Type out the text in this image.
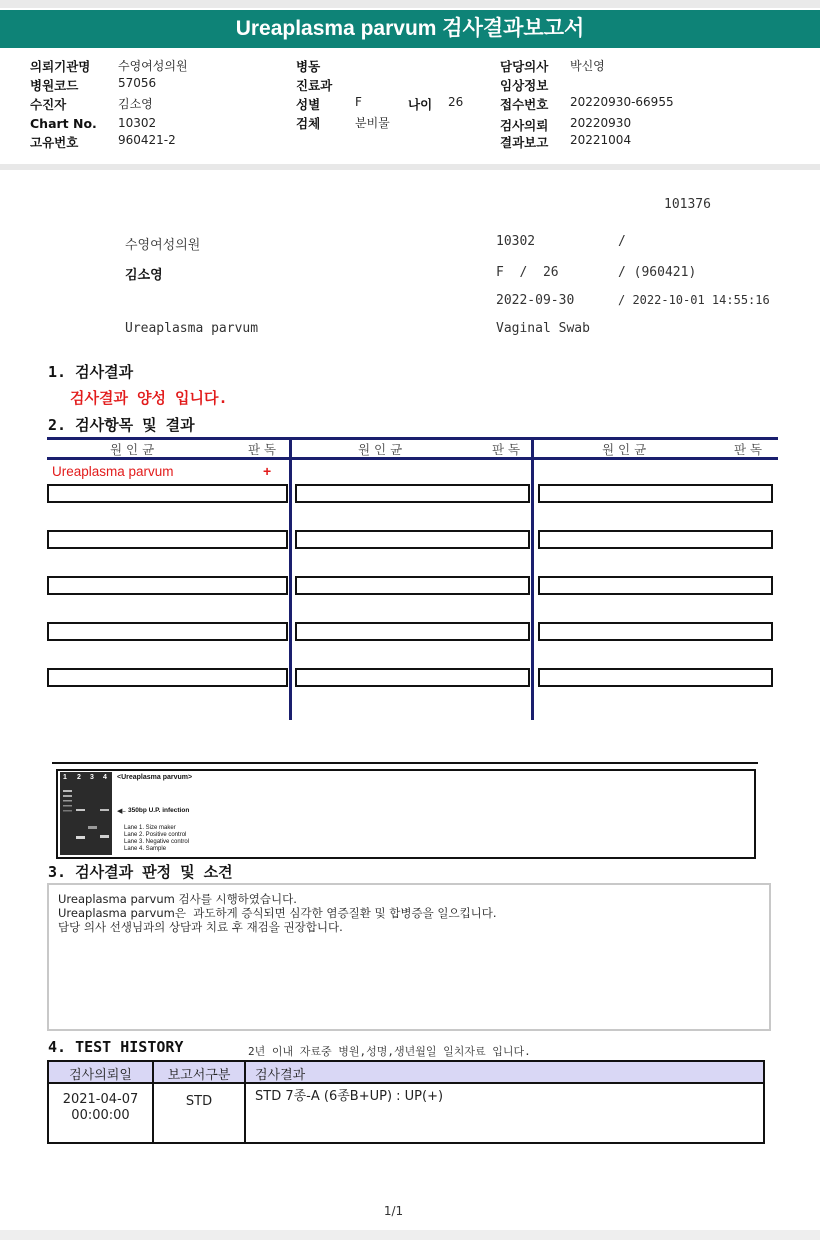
Ureaplasma parvum 검사결과보고서
의뢰기관명 수영여성의원
병원코드	57056
수진자	김소영
Chart No. 10302
고유번호	960421-2
병동
진료과
성별	F	나이 26
검체	분비물
담당의사 박신영
임상정보
접수번호 20220930-66955
검사의뢰 20220930
결과보고 20221004
101376
수영여성의원	10302	/
김소영	F  /  26	/ (960421)
2022-09-30	/ 2022-10-01 14:55:16
Ureaplasma parvum	Vaginal Swab
1. 검사결과
검사결과 양성 입니다.
2. 검사항목 및 결과
원 인 균	판 독	원 인 균	판 독	원 인 균	판 독
Ureaplasma parvum	+
1 2 3 4 <Ureaplasma parvum>
◀– 350bp U.P. infection
Lane 1. Size maker
Lane 2. Positive control
Lane 3. Negative control
Lane 4. Sample
3. 검사결과 판정 및 소견
Ureaplasma parvum 검사를 시행하였습니다.
Ureaplasma parvum은  과도하게 증식되면 심각한 염증질환 및 합병증을 일으킵니다.
담당 의사 선생님과의 상담과 치료 후 재검을 권장합니다.
4. TEST HISTORY	2년 이내 자료중 병원,성명,생년월일 일치자료 입니다.
검사의뢰일	보고서구분	검사결과
2021-04-07
00:00:00
STD	STD 7종-A (6종B+UP) : UP(+)
1/1
